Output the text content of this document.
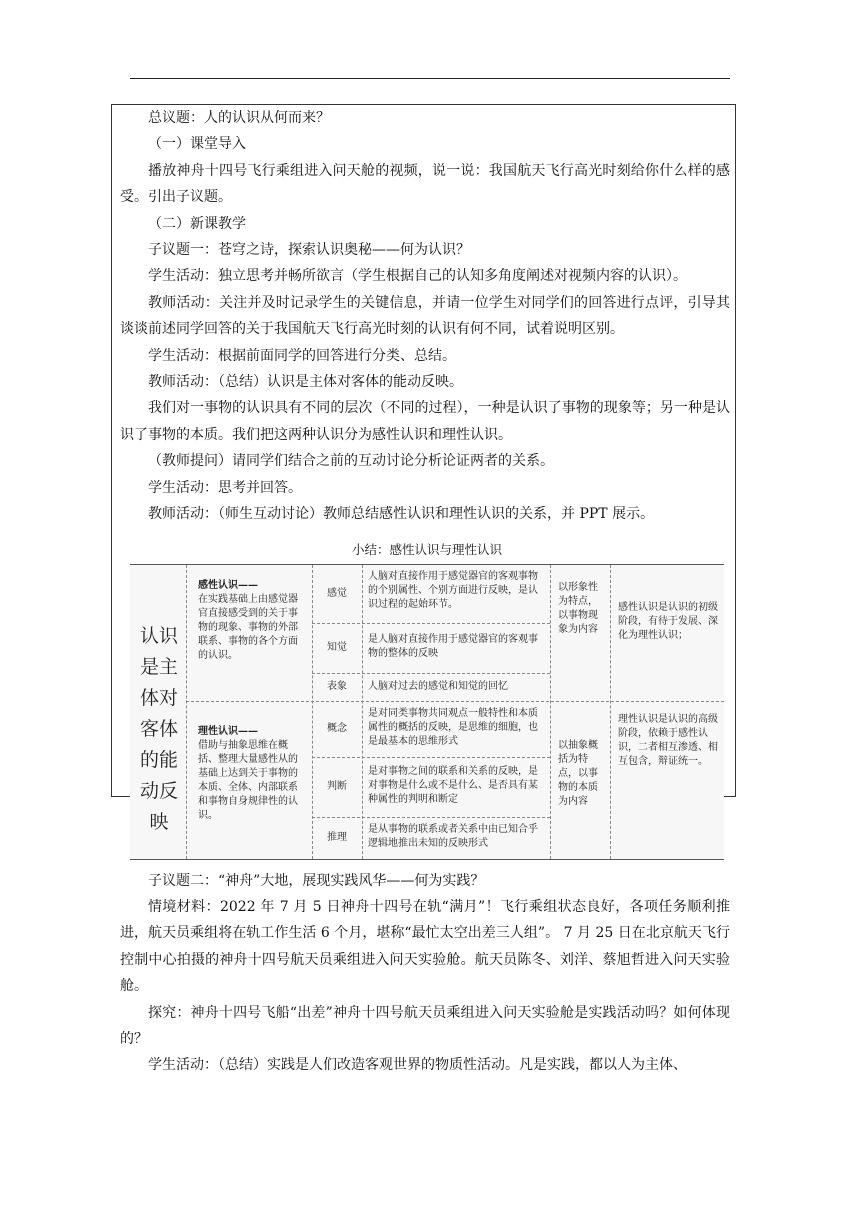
总议题：人的认识从何而来？

（一）课堂导入

播放神舟十四号飞行乘组进入问天舱的视频，说一说：我国航天飞行高光时刻给你什么样的感受。引出子议题。

（二）新课教学

子议题一：苍穹之诗，探索认识奥秘——何为认识？

学生活动：独立思考并畅所欲言（学生根据自己的认知多角度阐述对视频内容的认识）。

教师活动：关注并及时记录学生的关键信息，并请一位学生对同学们的回答进行点评，引导其谈谈前述同学回答的关于我国航天飞行高光时刻的认识有何不同，试着说明区别。

学生活动：根据前面同学的回答进行分类、总结。

教师活动：（总结）认识是主体对客体的能动反映。

我们对一事物的认识具有不同的层次（不同的过程），一种是认识了事物的现象等；另一种是认识了事物的本质。我们把这两种认识分为感性认识和理性认识。

（教师提问）请同学们结合之前的互动讨论分析论证两者的关系。

学生活动：思考并回答。

教师活动：（师生互动讨论）教师总结感性认识和理性认识的关系，并 PPT 展示。

小结：感性认识与理性认识
认识是主体对客体的能动反映
感性认识——
在实践基础上由感觉器官直接感受到的关于事物的现象、事物的外部联系、事物的各个方面的认识。
感觉
人脑对直接作用于感觉器官的客观事物的个别属性、个别方面进行反映，是认识过程的起始环节。
知觉
是人脑对直接作用于感觉器官的客观事物的整体的反映
表象	人脑对过去的感觉和知觉的回忆
以形象性为特点，以事物现象为内容
感性认识是认识的初级阶段，有待于发展、深化为理性认识；
理性认识——
借助与抽象思维在概括、整理大量感性从的基础上达到关于事物的本质、全体、内部联系和事物自身规律性的认识。
概念
是对同类事物共同观点一般特性和本质属性的概括的反映，是思维的细胞，也是最基本的思维形式
判断
是对事物之间的联系和关系的反映，是对事物是什么或不是什么、是否具有某种属性的判明和断定
推理
是从事物的联系或者关系中由已知合乎逻辑地推出未知的反映形式
以抽象概括为特点，以事物的本质为内容
理性认识是认识的高级阶段，依赖于感性认识，二者相互渗透、相互包含，辩证统一。

子议题二：“神舟”大地，展现实践风华——何为实践？

情境材料：2022 年 7 月 5 日神舟十四号在轨“满月”！飞行乘组状态良好，各项任务顺利推进，航天员乘组将在轨工作生活 6 个月，堪称“最忙太空出差三人组”。 7 月 25 日在北京航天飞行控制中心拍摄的神舟十四号航天员乘组进入问天实验舱。航天员陈冬、刘洋、蔡旭哲进入问天实验舱。

探究：神舟十四号飞船“出差”神舟十四号航天员乘组进入问天实验舱是实践活动吗？如何体现的？

学生活动：（总结）实践是人们改造客观世界的物质性活动。凡是实践，都以人为主体、
